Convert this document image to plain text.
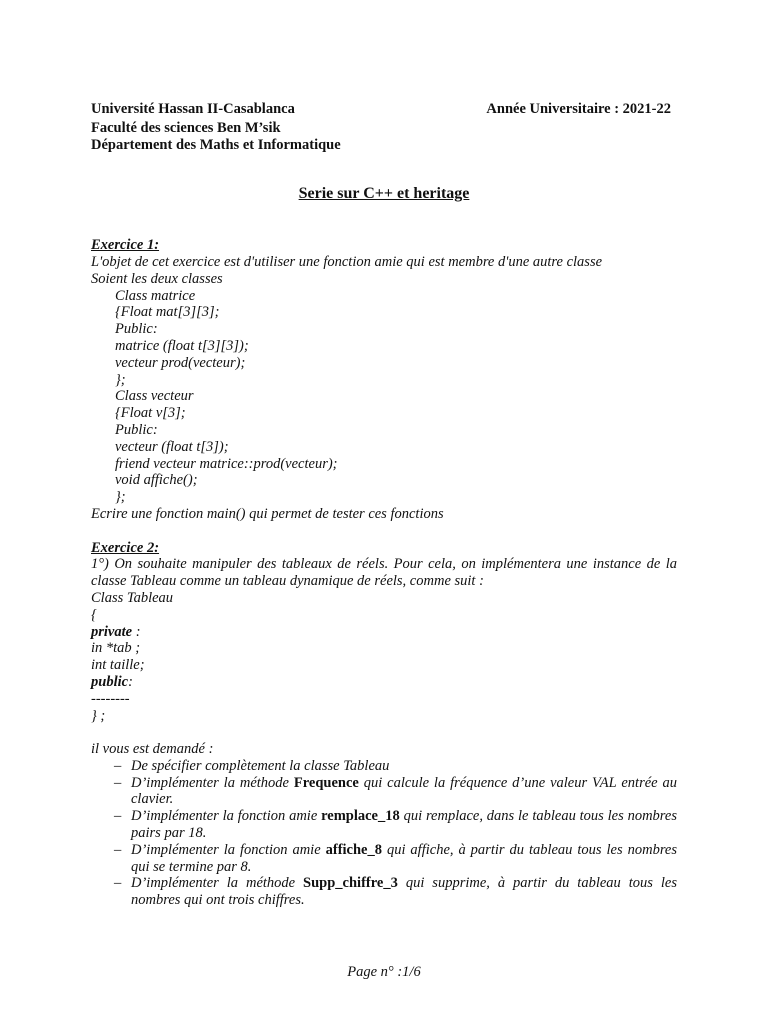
Université Hassan II-Casablanca	Année Universitaire : 2021-22
Faculté des sciences Ben M’sik
Département des Maths et Informatique
Serie sur C++ et heritage
Exercice 1:
L'objet de cet exercice est d'utiliser une fonction amie qui est membre d'une autre classe
Soient les deux classes
Class matrice
{Float mat[3][3];
Public:
matrice (float t[3][3]);
vecteur prod(vecteur);
};
Class vecteur
{Float v[3];
Public:
vecteur (float t[3]);
friend vecteur matrice::prod(vecteur);
void affiche();
};
Ecrire une fonction main() qui permet de tester ces fonctions
Exercice 2:
1°) On souhaite manipuler des tableaux de réels. Pour cela, on implémentera une instance de la classe Tableau comme un tableau dynamique de réels, comme suit :
Class Tableau
{
private :
in *tab ;
int taille;
public:
--------
} ;
il vous est demandé :
– De spécifier complètement la classe Tableau
– D’implémenter la méthode Frequence qui calcule la fréquence d’une valeur VAL entrée au clavier.
– D’implémenter la fonction amie remplace_18 qui remplace, dans le tableau tous les nombres pairs par 18.
– D’implémenter la fonction amie affiche_8 qui affiche, à partir du tableau tous les nombres qui se termine par 8.
– D’implémenter la méthode Supp_chiffre_3 qui supprime, à partir du tableau tous les nombres qui ont trois chiffres.
Page n° :1/6
